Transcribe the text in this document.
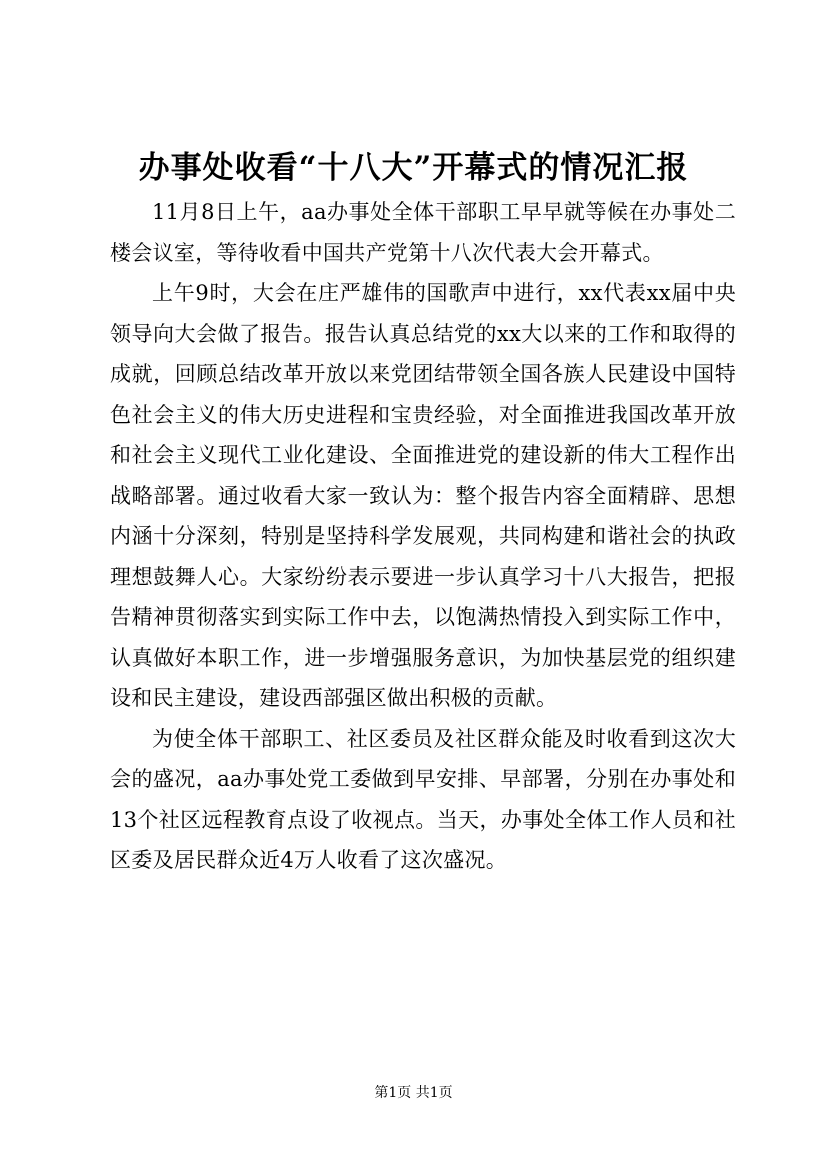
办事处收看“十八大”开幕式的情况汇报

11月8日上午，aa办事处全体干部职工早早就等候在办事处二楼会议室，等待收看中国共产党第十八次代表大会开幕式。

上午9时，大会在庄严雄伟的国歌声中进行，xx代表xx届中央领导向大会做了报告。报告认真总结党的xx大以来的工作和取得的成就，回顾总结改革开放以来党团结带领全国各族人民建设中国特色社会主义的伟大历史进程和宝贵经验，对全面推进我国改革开放和社会主义现代工业化建设、全面推进党的建设新的伟大工程作出战略部署。通过收看大家一致认为：整个报告内容全面精辟、思想内涵十分深刻，特别是坚持科学发展观，共同构建和谐社会的执政理想鼓舞人心。大家纷纷表示要进一步认真学习十八大报告，把报告精神贯彻落实到实际工作中去，以饱满热情投入到实际工作中，认真做好本职工作，进一步增强服务意识，为加快基层党的组织建设和民主建设，建设西部强区做出积极的贡献。

为使全体干部职工、社区委员及社区群众能及时收看到这次大会的盛况，aa办事处党工委做到早安排、早部署，分别在办事处和13个社区远程教育点设了收视点。当天，办事处全体工作人员和社区委及居民群众近4万人收看了这次盛况。

第1页 共1页
